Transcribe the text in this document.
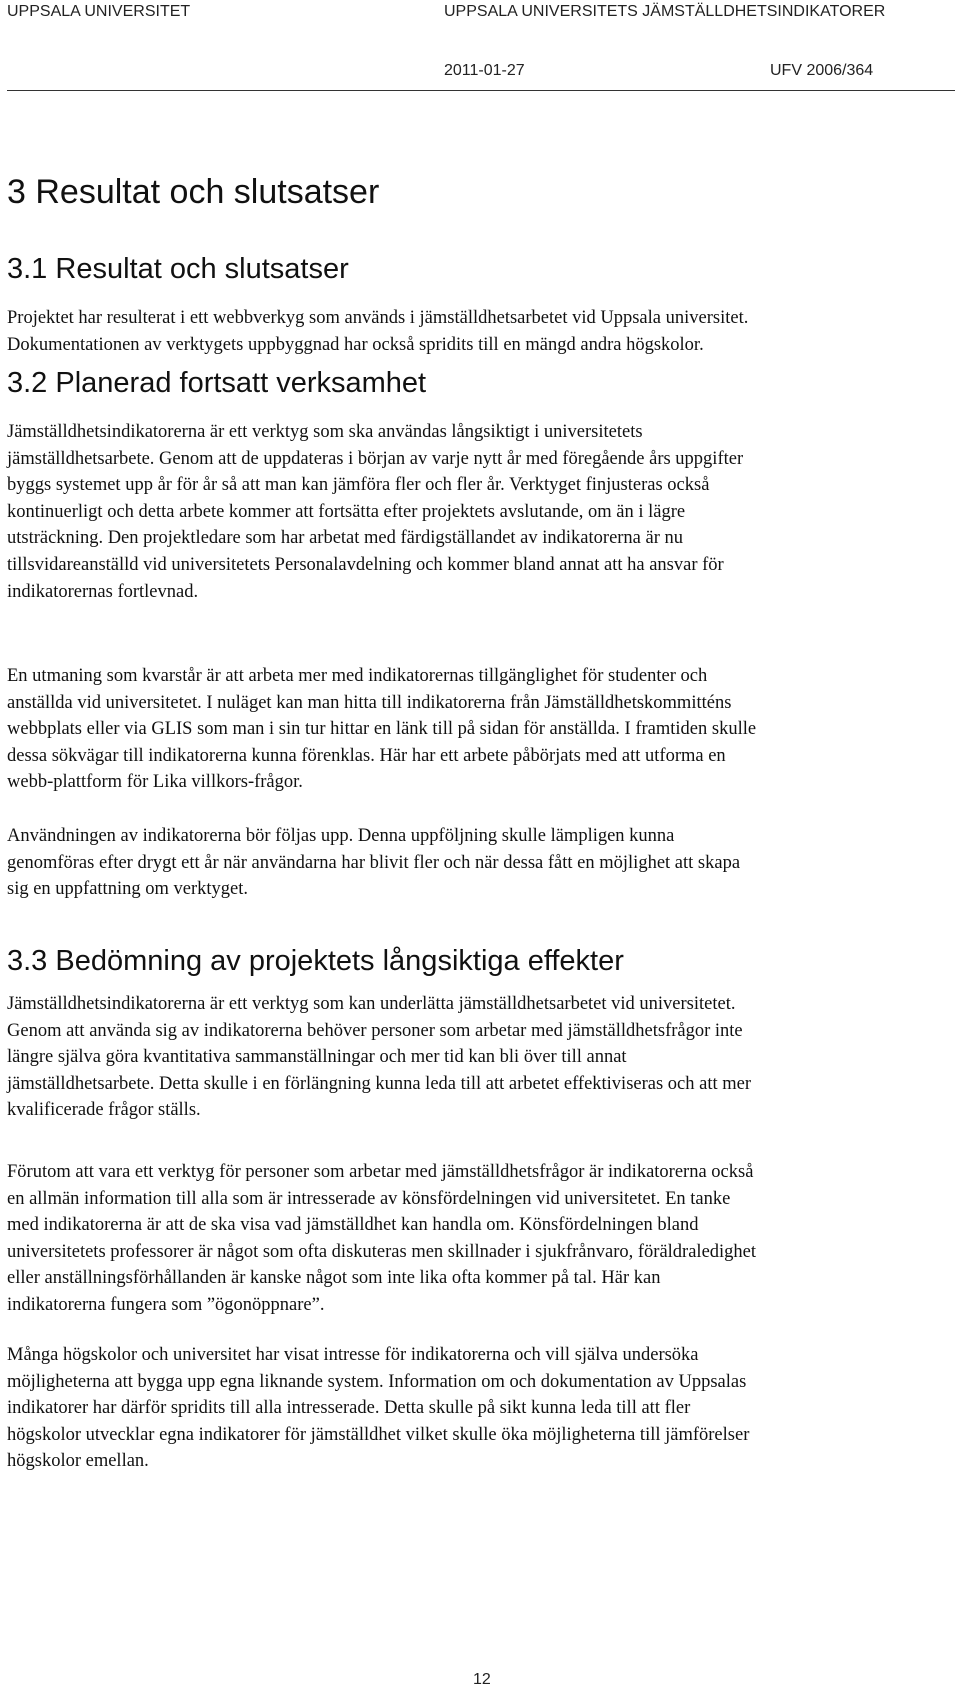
UPPSALA UNIVERSITET	UPPSALA UNIVERSITETS JÄMSTÄLLDHETSINDIKATORER
2011-01-27	UFV 2006/364
3 Resultat och slutsatser
3.1 Resultat och slutsatser
Projektet har resulterat i ett webbverkyg som används i jämställdhetsarbetet vid Uppsala universitet.
Dokumentationen av verktygets uppbyggnad har också spridits till en mängd andra högskolor.
3.2 Planerad fortsatt verksamhet
Jämställdhetsindikatorerna är ett verktyg som ska användas långsiktigt i universitetets
jämställdhetsarbete. Genom att de uppdateras i början av varje nytt år med föregående års uppgifter
byggs systemet upp år för år så att man kan jämföra fler och fler år. Verktyget finjusteras också
kontinuerligt och detta arbete kommer att fortsätta efter projektets avslutande, om än i lägre
utsträckning. Den projektledare som har arbetat med färdigställandet av indikatorerna är nu
tillsvidareanställd vid universitetets Personalavdelning och kommer bland annat att ha ansvar för
indikatorernas fortlevnad.
En utmaning som kvarstår är att arbeta mer med indikatorernas tillgänglighet för studenter och
anställda vid universitetet. I nuläget kan man hitta till indikatorerna från Jämställdhetskommitténs
webbplats eller via GLIS som man i sin tur hittar en länk till på sidan för anställda. I framtiden skulle
dessa sökvägar till indikatorerna kunna förenklas. Här har ett arbete påbörjats med att utforma en
webb-plattform för Lika villkors-frågor.
Användningen av indikatorerna bör följas upp. Denna uppföljning skulle lämpligen kunna
genomföras efter drygt ett år när användarna har blivit fler och när dessa fått en möjlighet att skapa
sig en uppfattning om verktyget.
3.3 Bedömning av projektets långsiktiga effekter
Jämställdhetsindikatorerna är ett verktyg som kan underlätta jämställdhetsarbetet vid universitetet.
Genom att använda sig av indikatorerna behöver personer som arbetar med jämställdhetsfrågor inte
längre själva göra kvantitativa sammanställningar och mer tid kan bli över till annat
jämställdhetsarbete. Detta skulle i en förlängning kunna leda till att arbetet effektiviseras och att mer
kvalificerade frågor ställs.
Förutom att vara ett verktyg för personer som arbetar med jämställdhetsfrågor är indikatorerna också
en allmän information till alla som är intresserade av könsfördelningen vid universitetet. En tanke
med indikatorerna är att de ska visa vad jämställdhet kan handla om. Könsfördelningen bland
universitetets professorer är något som ofta diskuteras men skillnader i sjukfrånvaro, föräldraledighet
eller anställningsförhållanden är kanske något som inte lika ofta kommer på tal. Här kan
indikatorerna fungera som ”ögonöppnare”.
Många högskolor och universitet har visat intresse för indikatorerna och vill själva undersöka
möjligheterna att bygga upp egna liknande system. Information om och dokumentation av Uppsalas
indikatorer har därför spridits till alla intresserade. Detta skulle på sikt kunna leda till att fler
högskolor utvecklar egna indikatorer för jämställdhet vilket skulle öka möjligheterna till jämförelser
högskolor emellan.
12
